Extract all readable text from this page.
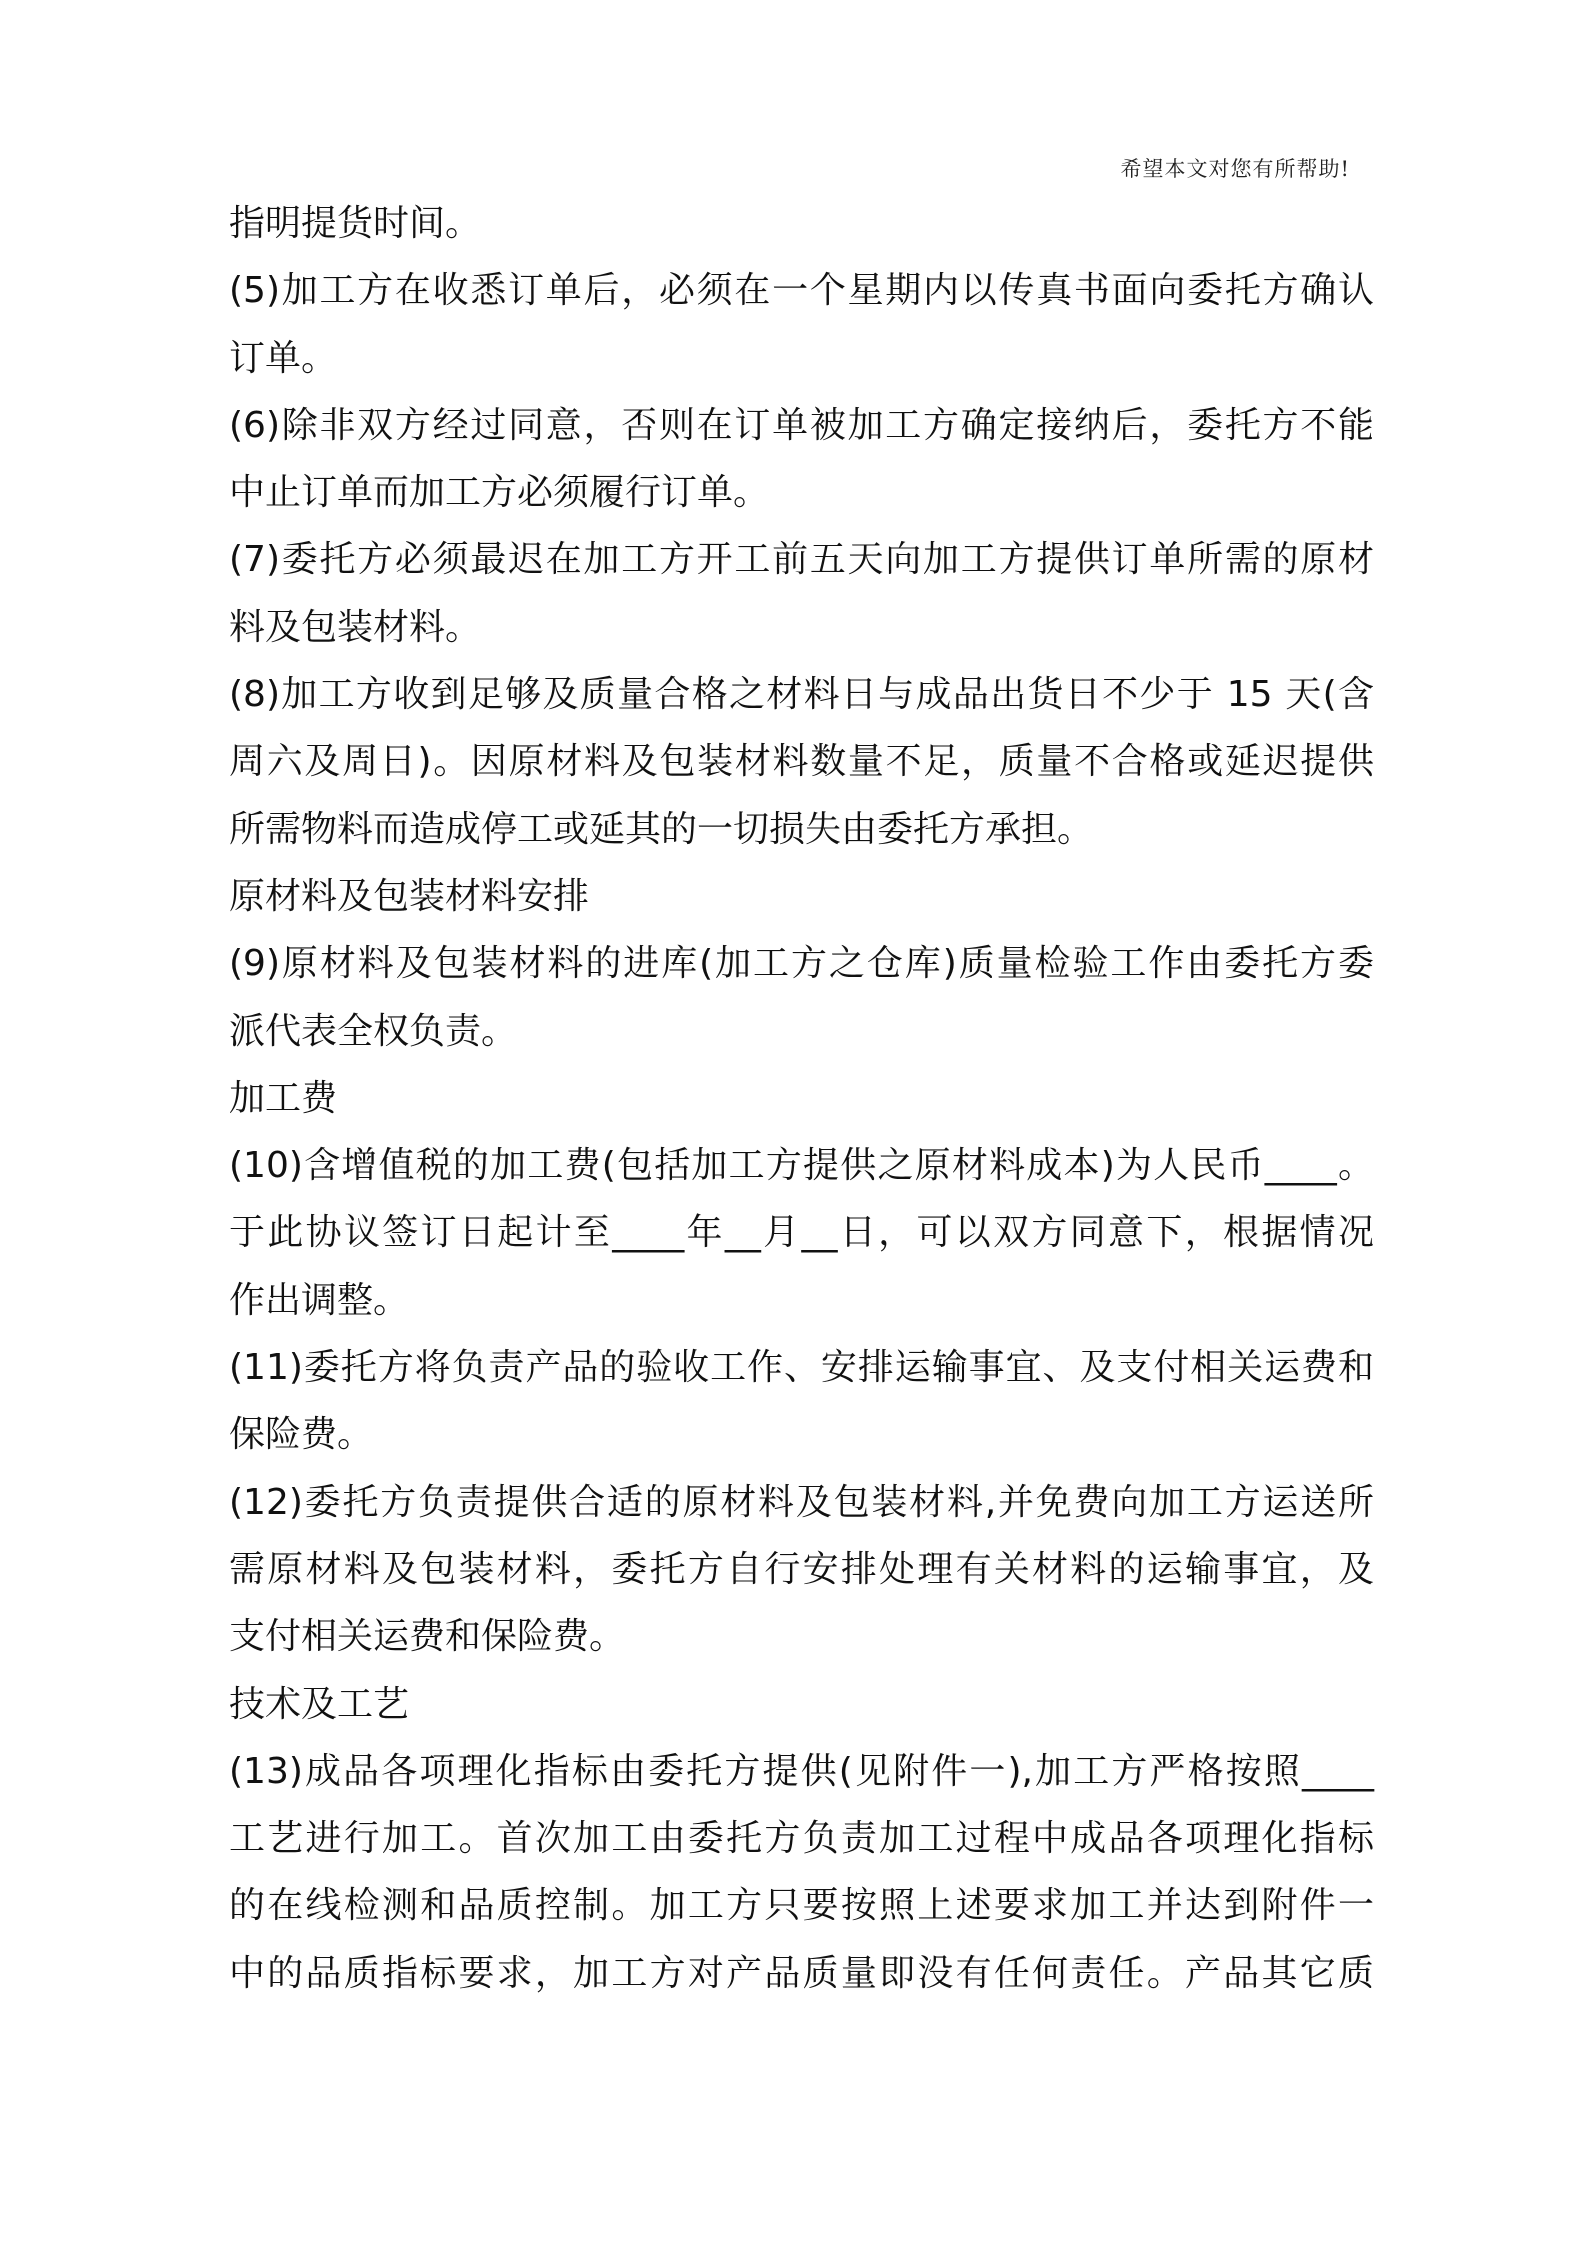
希望本文对您有所帮助!
指明提货时间。
(5)加工方在收悉订单后，必须在一个星期内以传真书面向委托方确认
订单。
(6)除非双方经过同意，否则在订单被加工方确定接纳后，委托方不能
中止订单而加工方必须履行订单。
(7)委托方必须最迟在加工方开工前五天向加工方提供订单所需的原材
料及包装材料。
(8)加工方收到足够及质量合格之材料日与成品出货日不少于 15 天(含
周六及周日)。因原材料及包装材料数量不足，质量不合格或延迟提供
所需物料而造成停工或延其的一切损失由委托方承担。
原材料及包装材料安排
(9)原材料及包装材料的进库(加工方之仓库)质量检验工作由委托方委
派代表全权负责。
加工费
(10)含增值税的加工费(包括加工方提供之原材料成本)为人民币____。
于此协议签订日起计至____年__月__日，可以双方同意下，根据情况
作出调整。
(11)委托方将负责产品的验收工作、安排运输事宜、及支付相关运费和
保险费。
(12)委托方负责提供合适的原材料及包装材料,并免费向加工方运送所
需原材料及包装材料，委托方自行安排处理有关材料的运输事宜，及
支付相关运费和保险费。
技术及工艺
(13)成品各项理化指标由委托方提供(见附件一),加工方严格按照____
工艺进行加工。首次加工由委托方负责加工过程中成品各项理化指标
的在线检测和品质控制。加工方只要按照上述要求加工并达到附件一
中的品质指标要求，加工方对产品质量即没有任何责任。产品其它质
